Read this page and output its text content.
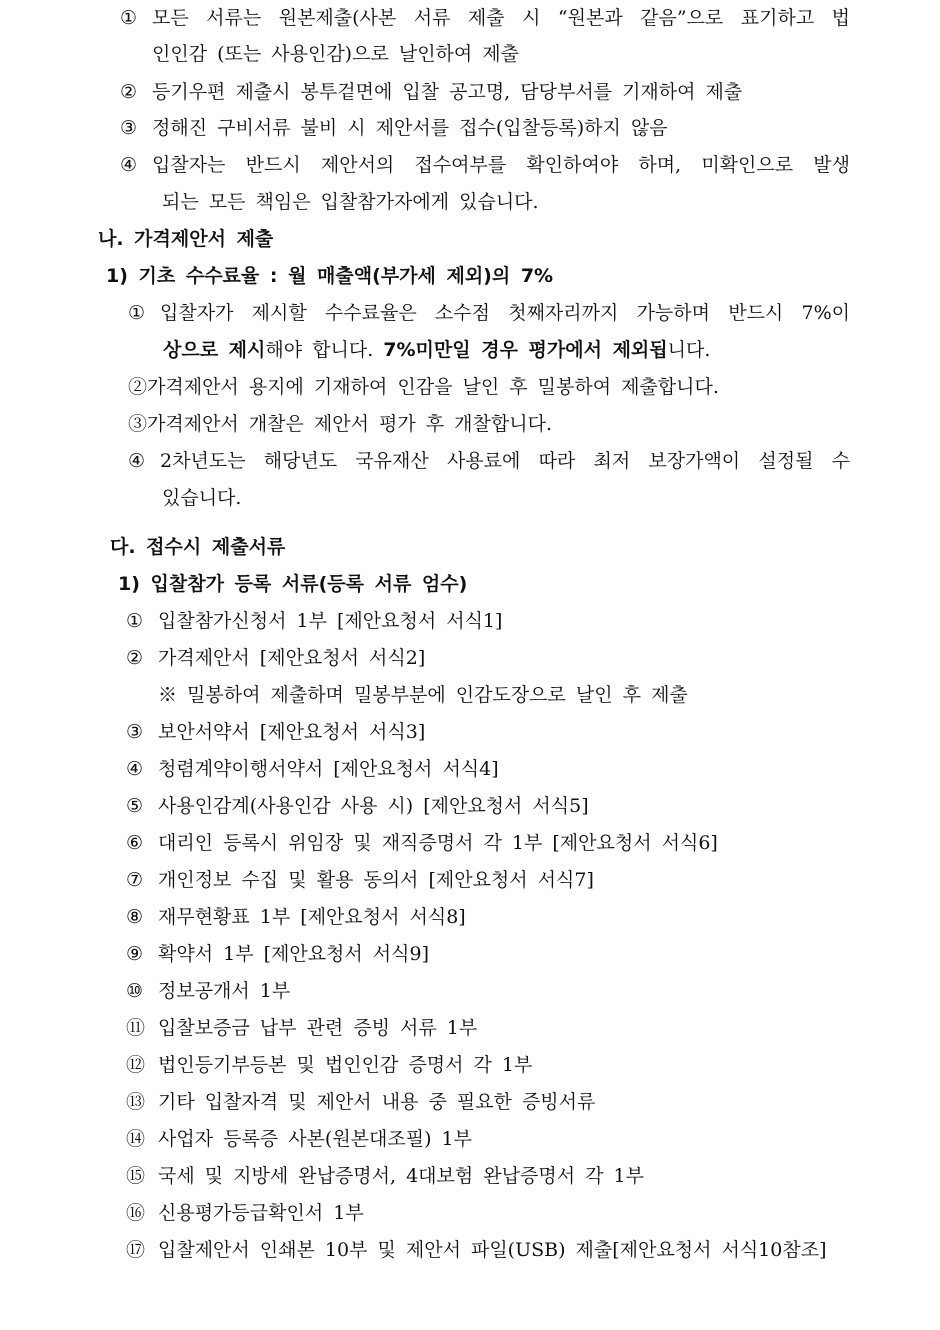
① 모든 서류는 원본제출(사본 서류 제출 시 “원본과 같음”으로 표기하고 법
인인감 (또는 사용인감)으로 날인하여 제출
② 등기우편 제출시 봉투겉면에 입찰 공고명, 담당부서를 기재하여 제출
③ 정해진 구비서류 불비 시 제안서를 접수(입찰등록)하지 않음
④ 입찰자는 반드시 제안서의 접수여부를 확인하여야 하며, 미확인으로 발생
되는 모든 책임은 입찰참가자에게 있습니다.
나. 가격제안서 제출
1) 기초 수수료율 : 월 매출액(부가세 제외)의 7%
① 입찰자가 제시할 수수료율은 소수점 첫째자리까지 가능하며 반드시 7%이
상으로 제시해야 합니다. 7%미만일 경우 평가에서 제외됩니다.
②가격제안서 용지에 기재하여 인감을 날인 후 밀봉하여 제출합니다.
③가격제안서 개찰은 제안서 평가 후 개찰합니다.
④ 2차년도는 해당년도 국유재산 사용료에 따라 최저 보장가액이 설정될 수
있습니다.
다. 접수시 제출서류
1) 입찰참가 등록 서류(등록 서류 엄수)
① 입찰참가신청서 1부 [제안요청서 서식1]
② 가격제안서 [제안요청서 서식2]
※ 밀봉하여 제출하며 밀봉부분에 인감도장으로 날인 후 제출
③ 보안서약서 [제안요청서 서식3]
④ 청렴계약이행서약서 [제안요청서 서식4]
⑤ 사용인감계(사용인감 사용 시) [제안요청서 서식5]
⑥ 대리인 등록시 위임장 및 재직증명서 각 1부 [제안요청서 서식6]
⑦ 개인정보 수집 및 활용 동의서 [제안요청서 서식7]
⑧ 재무현황표 1부 [제안요청서 서식8]
⑨ 확약서 1부 [제안요청서 서식9]
⑩ 정보공개서 1부
⑪ 입찰보증금 납부 관련 증빙 서류 1부
⑫ 법인등기부등본 및 법인인감 증명서 각 1부
⑬ 기타 입찰자격 및 제안서 내용 중 필요한 증빙서류
⑭ 사업자 등록증 사본(원본대조필) 1부
⑮ 국세 및 지방세 완납증명서, 4대보험 완납증명서 각 1부
⑯ 신용평가등급확인서 1부
⑰ 입찰제안서 인쇄본 10부 및 제안서 파일(USB) 제출[제안요청서 서식10참조]
